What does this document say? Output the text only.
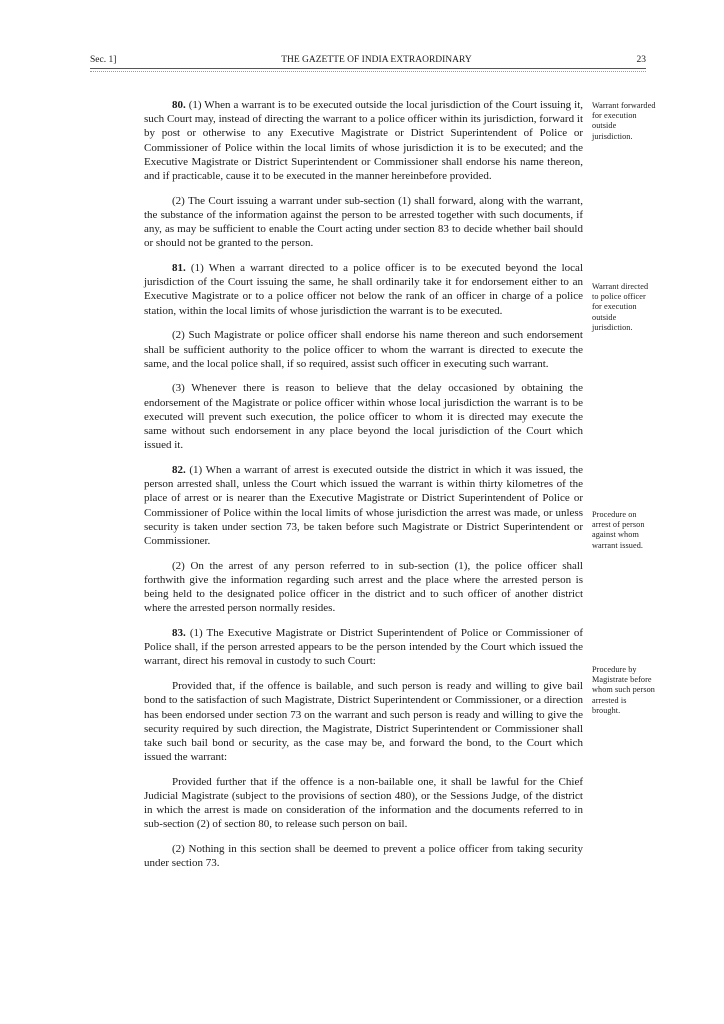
Sec. 1]	THE GAZETTE OF INDIA EXTRAORDINARY	23

80. (1) When a warrant is to be executed outside the local jurisdiction of the Court issuing it, such Court may, instead of directing the warrant to a police officer within its jurisdiction, forward it by post or otherwise to any Executive Magistrate or District Superintendent of Police or Commissioner of Police within the local limits of whose jurisdiction it is to be executed; and the Executive Magistrate or District Superintendent or Commissioner shall endorse his name thereon, and if practicable, cause it to be executed in the manner hereinbefore provided.

(2) The Court issuing a warrant under sub-section (1) shall forward, along with the warrant, the substance of the information against the person to be arrested together with such documents, if any, as may be sufficient to enable the Court acting under section 83 to decide whether bail should or should not be granted to the person.

81. (1) When a warrant directed to a police officer is to be executed beyond the local jurisdiction of the Court issuing the same, he shall ordinarily take it for endorsement either to an Executive Magistrate or to a police officer not below the rank of an officer in charge of a police station, within the local limits of whose jurisdiction the warrant is to be executed.

(2) Such Magistrate or police officer shall endorse his name thereon and such endorsement shall be sufficient authority to the police officer to whom the warrant is directed to execute the same, and the local police shall, if so required, assist such officer in executing such warrant.

(3) Whenever there is reason to believe that the delay occasioned by obtaining the endorsement of the Magistrate or police officer within whose local jurisdiction the warrant is to be executed will prevent such execution, the police officer to whom it is directed may execute the same without such endorsement in any place beyond the local jurisdiction of the Court which issued it.

82. (1) When a warrant of arrest is executed outside the district in which it was issued, the person arrested shall, unless the Court which issued the warrant is within thirty kilometres of the place of arrest or is nearer than the Executive Magistrate or District Superintendent of Police or Commissioner of Police within the local limits of whose jurisdiction the arrest was made, or unless security is taken under section 73, be taken before such Magistrate or District Superintendent or Commissioner.

(2) On the arrest of any person referred to in sub-section (1), the police officer shall forthwith give the information regarding such arrest and the place where the arrested person is being held to the designated police officer in the district and to such officer of another district where the arrested person normally resides.

83. (1) The Executive Magistrate or District Superintendent of Police or Commissioner of Police shall, if the person arrested appears to be the person intended by the Court which issued the warrant, direct his removal in custody to such Court:

Provided that, if the offence is bailable, and such person is ready and willing to give bail bond to the satisfaction of such Magistrate, District Superintendent or Commissioner, or a direction has been endorsed under section 73 on the warrant and such person is ready and willing to give the security required by such direction, the Magistrate, District Superintendent or Commissioner shall take such bail bond or security, as the case may be, and forward the bond, to the Court which issued the warrant:

Provided further that if the offence is a non-bailable one, it shall be lawful for the Chief Judicial Magistrate (subject to the provisions of section 480), or the Sessions Judge, of the district in which the arrest is made on consideration of the information and the documents referred to in sub-section (2) of section 80, to release such person on bail.

(2) Nothing in this section shall be deemed to prevent a police officer from taking security under section 73.

Warrant forwarded for execution outside jurisdiction.
Warrant directed to police officer for execution outside jurisdiction.
Procedure on arrest of person against whom warrant issued.
Procedure by Magistrate before whom such person arrested is brought.
